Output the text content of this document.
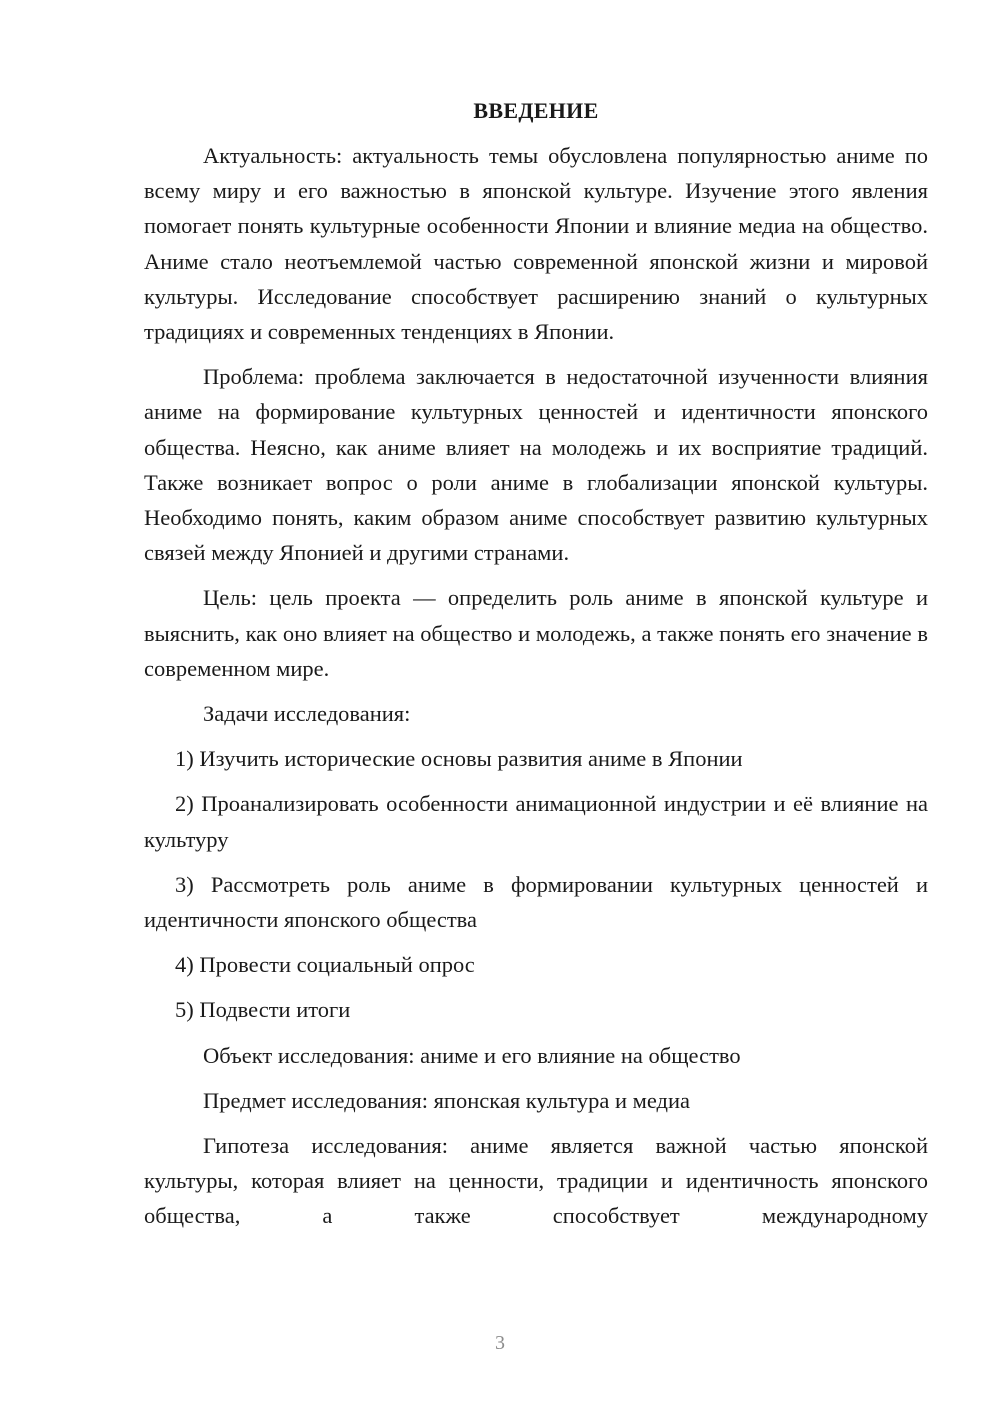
ВВЕДЕНИЕ

Актуальность: актуальность темы обусловлена популярностью аниме по всему миру и его важностью в японской культуре. Изучение этого явления помогает понять культурные особенности Японии и влияние медиа на общество. Аниме стало неотъемлемой частью современной японской жизни и мировой культуры. Исследование способствует расширению знаний о культурных традициях и современных тенденциях в Японии.

Проблема: проблема заключается в недостаточной изученности влияния аниме на формирование культурных ценностей и идентичности японского общества. Неясно, как аниме влияет на молодежь и их восприятие традиций. Также возникает вопрос о роли аниме в глобализации японской культуры. Необходимо понять, каким образом аниме способствует развитию культурных связей между Японией и другими странами.

Цель: цель проекта — определить роль аниме в японской культуре и выяснить, как оно влияет на общество и молодежь, а также понять его значение в современном мире.

Задачи исследования:

1) Изучить исторические основы развития аниме в Японии

2) Проанализировать особенности анимационной индустрии и её влияние на культуру

3) Рассмотреть роль аниме в формировании культурных ценностей и идентичности японского общества

4) Провести социальный опрос

5) Подвести итоги

Объект исследования: аниме и его влияние на общество

Предмет исследования: японская культура и медиа

Гипотеза исследования: аниме является важной частью японской культуры, которая влияет на ценности, традиции и идентичность японского общества, а также способствует международному

3
